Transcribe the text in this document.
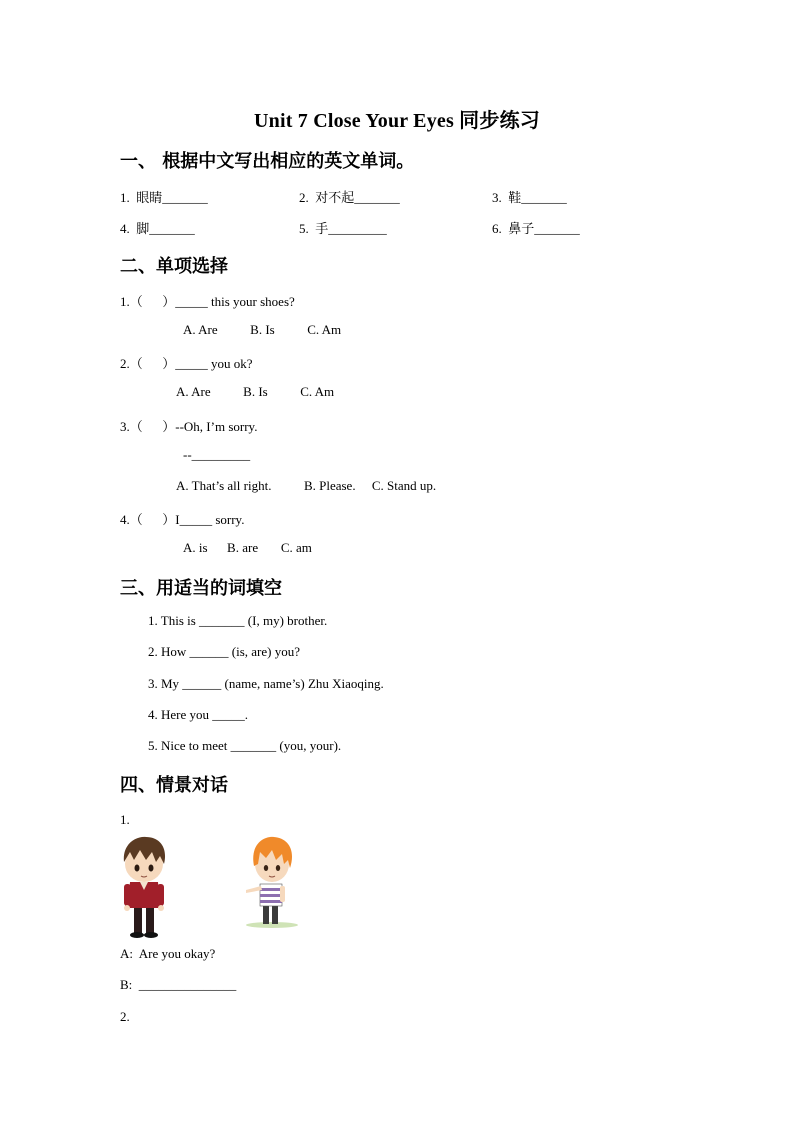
Unit 7 Close Your Eyes 同步练习
一、 根据中文写出相应的英文单词。
1.  眼睛_______	2.  对不起_______	3.  鞋_______
4.  脚_______	5.  手_________	6.  鼻子_______
二、单项选择
1.（      ）_____ this your shoes?
A. Are          B. Is          C. Am
2.（      ）_____ you ok?
A. Are          B. Is          C. Am
3.（      ）--Oh, I’m sorry.
--_________
A. That’s all right.          B. Please.     C. Stand up.
4.（      ）I_____ sorry.
A. is      B. are       C. am
三、用适当的词填空
1. This is _______ (I, my) brother.
2. How ______ (is, are) you?
3. My ______ (name, name’s) Zhu Xiaoqing.
4. Here you _____.
5. Nice to meet _______ (you, your).
四、情景对话
1.
A:  Are you okay?
B:  _______________
2.
